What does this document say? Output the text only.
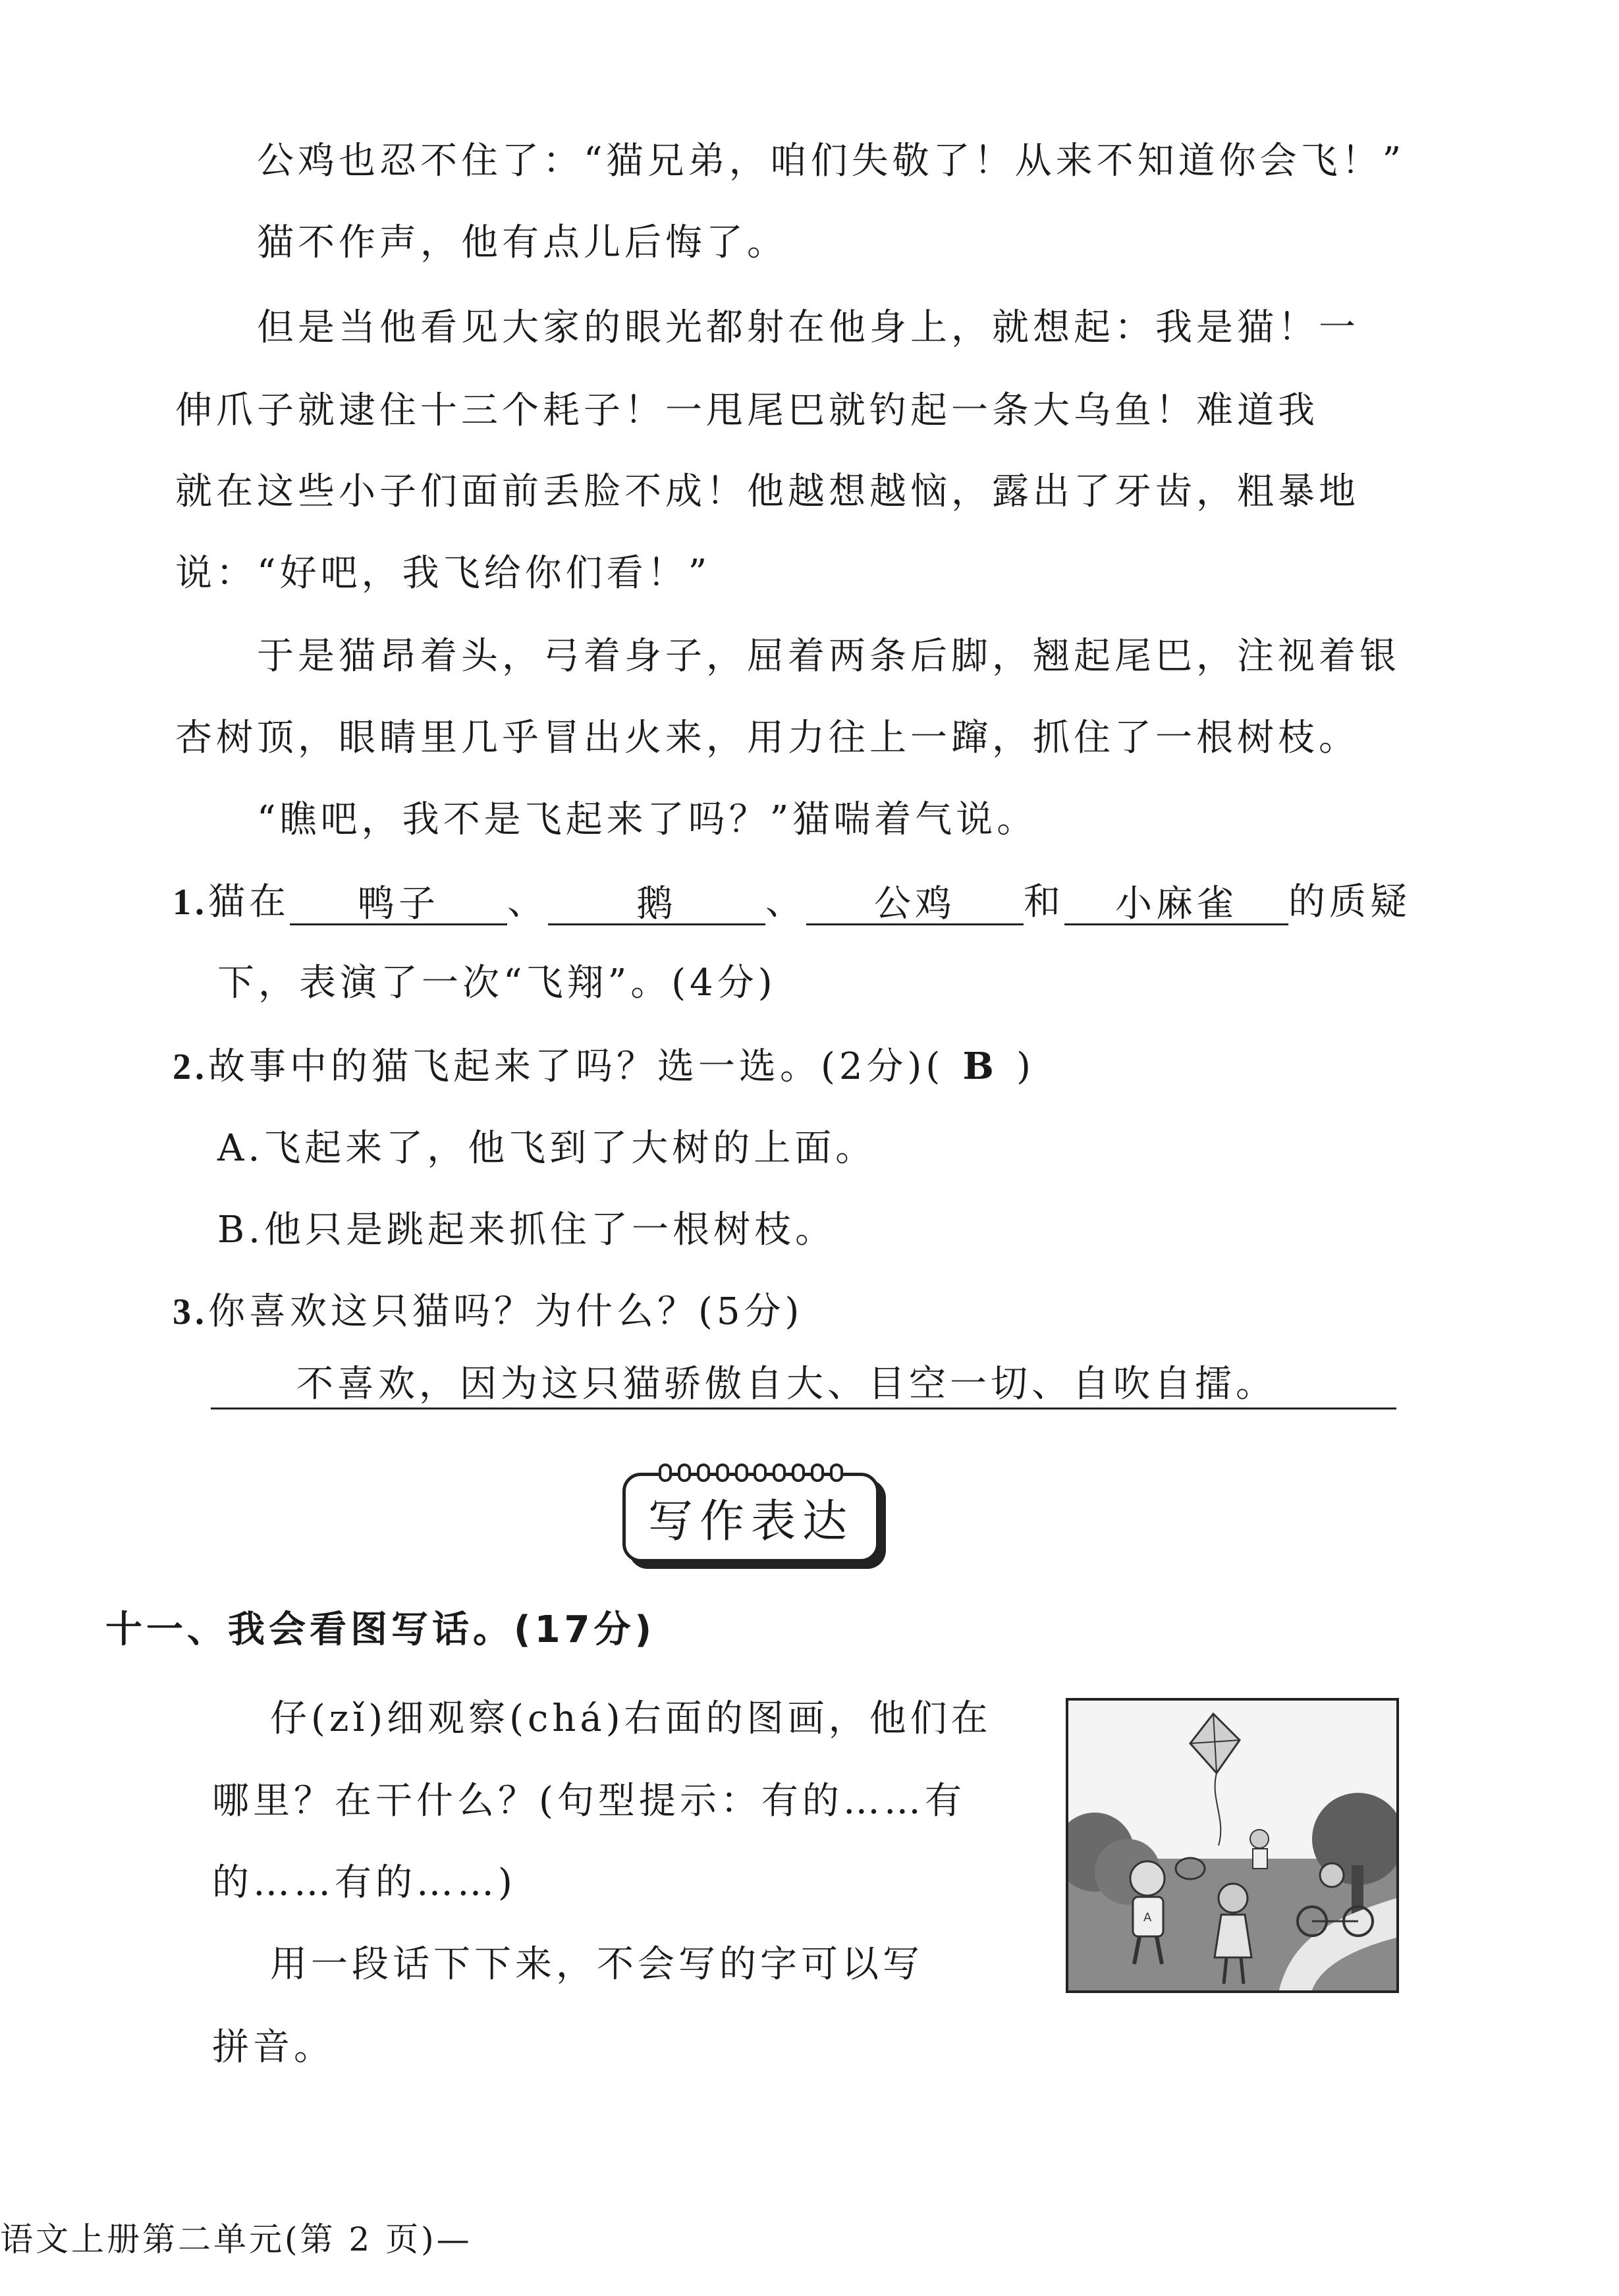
公鸡也忍不住了：“猫兄弟，咱们失敬了！从来不知道你会飞！”
猫不作声，他有点儿后悔了。
但是当他看见大家的眼光都射在他身上，就想起：我是猫！一
伸爪子就逮住十三个耗子！一甩尾巴就钓起一条大乌鱼！难道我
就在这些小子们面前丢脸不成！他越想越恼，露出了牙齿，粗暴地
说：“好吧，我飞给你们看！”
于是猫昂着头，弓着身子，屈着两条后脚，翘起尾巴，注视着银
杏树顶，眼睛里几乎冒出火来，用力往上一蹿，抓住了一根树枝。
“瞧吧，我不是飞起来了吗？”猫喘着气说。
1.猫在 鸭子 、 鹅 、 公鸡 和 小麻雀 的质疑
下，表演了一次“飞翔”。(4分)
2.故事中的猫飞起来了吗？选一选。(2分)( B )
A.飞起来了，他飞到了大树的上面。
B.他只是跳起来抓住了一根树枝。
3.你喜欢这只猫吗？为什么？(5分)
不喜欢，因为这只猫骄傲自大、目空一切、自吹自擂。
写作表达
十一、我会看图写话。(17分)
仔(zǐ)细观察(chá)右面的图画，他们在
哪里？在干什么？(句型提示：有的……有
的……有的……)
用一段话下下来，不会写的字可以写
拼音。
A
语文上册第二单元(第 2 页)—
